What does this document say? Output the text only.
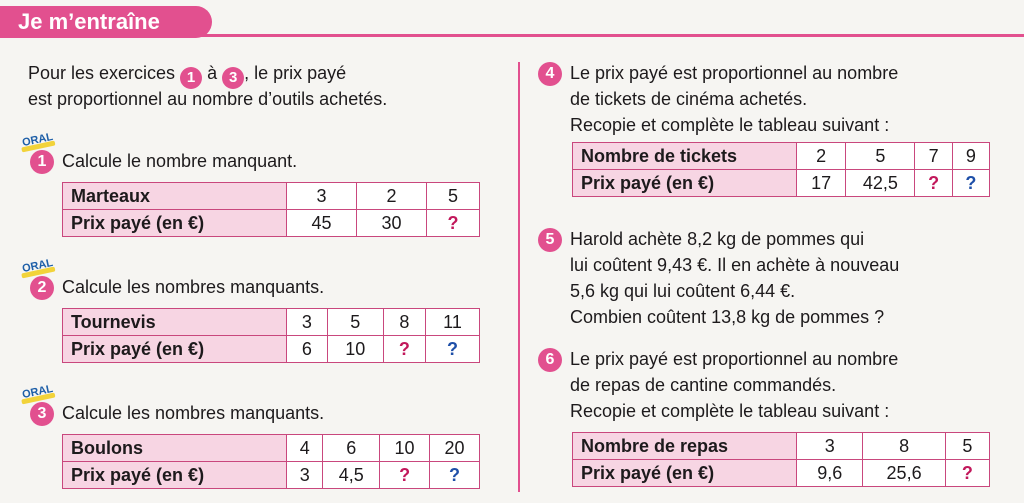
Je m’entraîne
Pour les exercices 1 à 3 , le prix payé
est proportionnel au nombre d’outils achetés.
ORAL
1 Calcule le nombre manquant.
Marteaux	3	2	5
Prix payé (en €)	45	30	?
ORAL
2 Calcule les nombres manquants.
Tournevis	3	5	8	11
Prix payé (en €)	6	10	?	?
ORAL
3 Calcule les nombres manquants.
Boulons	4	6	10	20
Prix payé (en €)	3	4,5	?	?
4 Le prix payé est proportionnel au nombre
de tickets de cinéma achetés.
Recopie et complète le tableau suivant :
Nombre de tickets	2	5	7	9
Prix payé (en €)	17	42,5	?	?
5 Harold achète 8,2 kg de pommes qui
lui coûtent 9,43 €. Il en achète à nouveau
5,6 kg qui lui coûtent 6,44 €.
Combien coûtent 13,8 kg de pommes ?
6 Le prix payé est proportionnel au nombre
de repas de cantine commandés.
Recopie et complète le tableau suivant :
Nombre de repas	3	8	5
Prix payé (en €)	9,6	25,6	?
